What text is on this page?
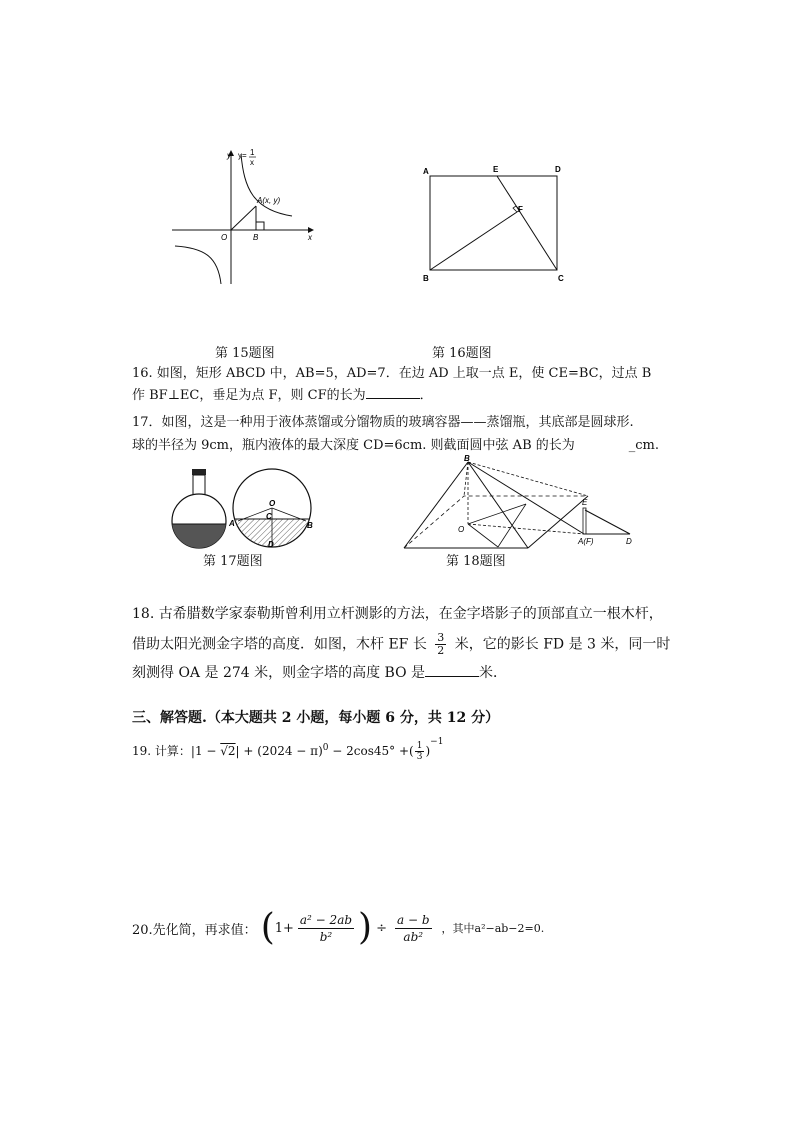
y= 1
x
y
x
A(x, y)
O	B
第 15题图
A	E	D
F
B	C
第 16题图
16. 如图，矩形 ABCD 中，AB=5，AD=7．在边 AD 上取一点 E，使 CE=BC，过点 B
作 BF⊥EC，垂足为点 F，则 CF的长为	．
17．如图，这是一种用于液体蒸馏或分馏物质的玻璃容器——蒸馏瓶，其底部是圆球形.
球的半径为 9cm，瓶内液体的最大深度 CD=6cm. 则截面圆中弦 AB 的长为	_cm.
O
C
A	B
D
第 17题图
B
O
E
A(F)	D
第 18题图
18. 古希腊数学家泰勒斯曾利用立杆测影的方法，在金字塔影子的顶部直立一根木杆，
借助太阳光测金字塔的高度．如图，木杆 EF 长 $\frac{3}{2}$ 米，它的影长 FD 是 3 米，同一时
刻测得 OA 是 274 米，则金字塔的高度 BO 是	米．
三、解答题.（本大题共 2 小题，每小题 6 分，共 12 分）
19. 计算：$|1 - √2| + (2024 - \pi)^0 - 2\cos 45^\circ$ +( $\frac{1}{3} )^{-1}$
20.先化简，再求值： ( $1+ \frac{\text{a² − 2ab}}{\text{b²}}$ ) ÷ $\frac{a - b}{\text{ab²}}$ ，其中a²−ab−2=0.
